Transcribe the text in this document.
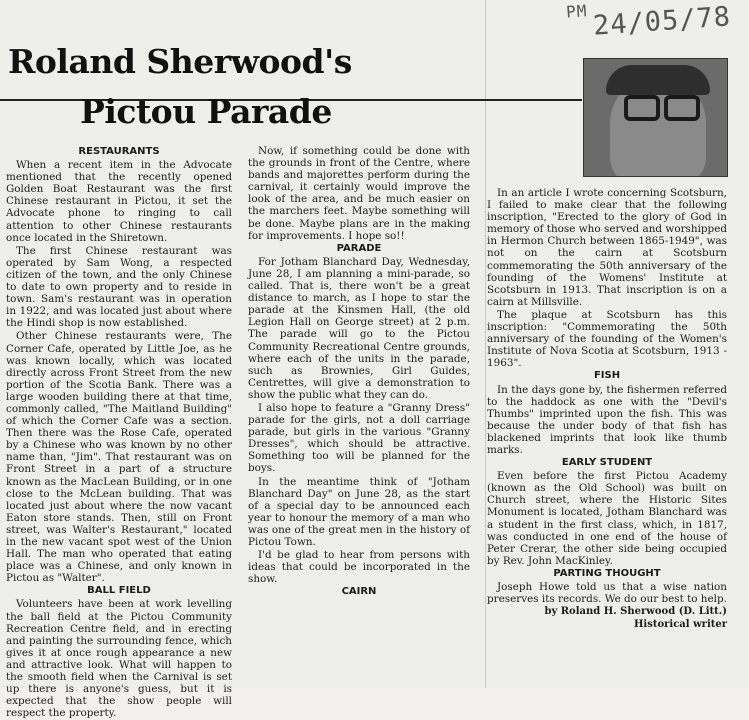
PM 24/05/78
Roland Sherwood's
Pictou Parade

RESTAURANTS

When a recent item in the Advocate mentioned that the recently opened Golden Boat Restaurant was the first Chinese restaurant in Pictou, it set the Advocate phone to ringing to call attention to other Chinese restaurants once located in the Shiretown.

The first Chinese restaurant was operated by Sam Wong, a respected citizen of the town, and the only Chinese to date to own property and to reside in town. Sam's restaurant was in operation in 1922, and was located just about where the Hindi shop is now established.

Other Chinese restaurants were, The Corner Cafe, operated by Little Joe, as he was known locally, which was located directly across Front Street from the new portion of the Scotia Bank. There was a large wooden building there at that time, commonly called, "The Maitland Building" of which the Corner Cafe was a section. Then there was the Rose Cafe, operated by a Chinese who was known by no other name than, "Jim". That restaurant was on Front Street in a part of a structure known as the MacLean Building, or in one close to the McLean building. That was located just about where the now vacant Eaton store stands. Then, still on Front street, was Walter's Restaurant," located in the new vacant spot west of the Union Hall. The man who operated that eating place was a Chinese, and only known in Pictou as "Walter".

BALL FIELD

Volunteers have been at work levelling the ball field at the Pictou Community Recreation Centre field, and in erecting and painting the surrounding fence, which gives it at once rough appearance a new and attractive look. What will happen to the smooth field when the Carnival is set up there is anyone's guess, but it is expected that the show people will respect the property.

Now, if something could be done with the grounds in front of the Centre, where bands and majorettes perform during the carnival, it certainly would improve the look of the area, and be much easier on the marchers feet. Maybe something will be done. Maybe plans are in the making for improvements. I hope so!!

PARADE

For Jotham Blanchard Day, Wednesday, June 28, I am planning a mini-parade, so called. That is, there won't be a great distance to march, as I hope to star the parade at the Kinsmen Hall, (the old Legion Hall on George street) at 2 p.m. The parade will go to the Pictou Community Recreational Centre grounds, where each of the units in the parade, such as Brownies, Girl Guides, Centrettes, will give a demonstration to show the public what they can do.

I also hope to feature a "Granny Dress" parade for the girls, not a doll carriage parade, but girls in the various "Granny Dresses", which should be attractive. Something too will be planned for the boys.

In the meantime think of "Jotham Blanchard Day" on June 28, as the start of a special day to be announced each year to honour the memory of a man who was one of the great men in the history of Pictou Town.

I'd be glad to hear from persons with ideas that could be incorporated in the show.

CAIRN

In an article I wrote concerning Scotsburn, I failed to make clear that the following inscription, "Erected to the glory of God in memory of those who served and worshipped in Hermon Church between 1865-1949", was not on the cairn at Scotsburn commemorating the 50th anniversary of the founding of the Womens' Institute at Scotsburn in 1913. That inscription is on a cairn at Millsville.

The plaque at Scotsburn has this inscription: "Commemorating the 50th anniversary of the founding of the Women's Institute of Nova Scotia at Scotsburn, 1913 - 1963".

FISH

In the days gone by, the fishermen referred to the haddock as one with the "Devil's Thumbs" imprinted upon the fish. This was because the under body of that fish has blackened imprints that look like thumb marks.

EARLY STUDENT

Even before the first Pictou Academy (known as the Old School) was built on Church street, where the Historic Sites Monument is located, Jotham Blanchard was a student in the first class, which, in 1817, was conducted in one end of the house of Peter Crerar, the other side being occupied by Rev. John MacKinley.

PARTING THOUGHT

Joseph Howe told us that a wise nation preserves its records. We do our best to help.

by Roland H. Sherwood (D. Litt.)

Historical writer
